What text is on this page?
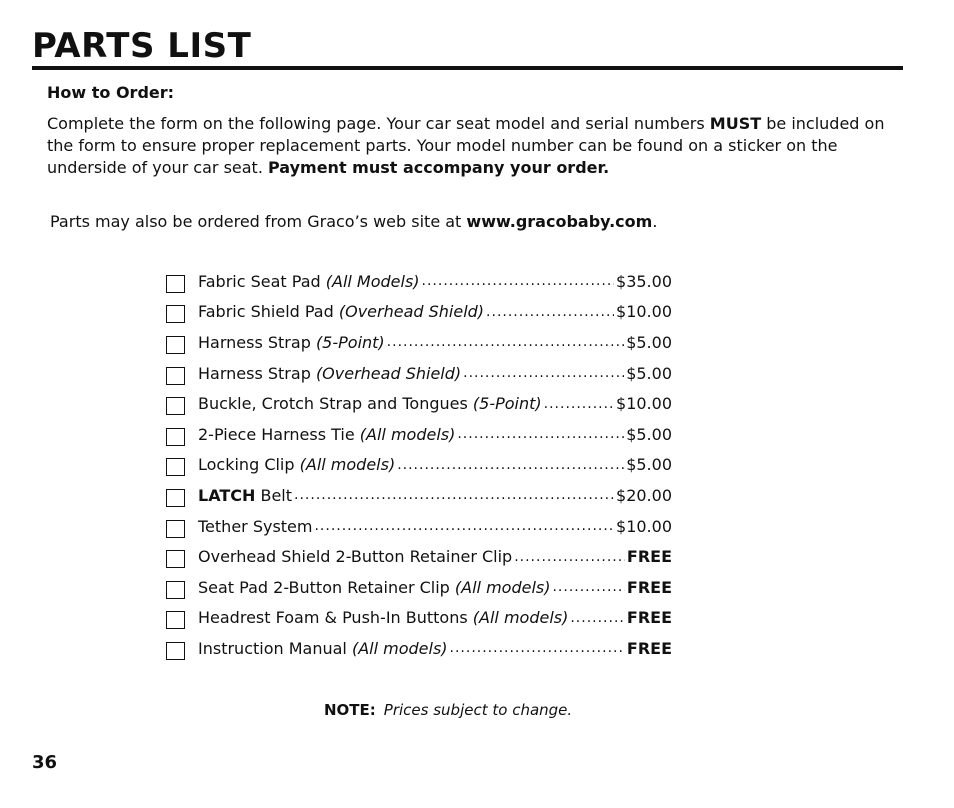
PARTS LIST
How to Order:
Complete the form on the following page. Your car seat model and serial numbers MUST be included on the form to ensure proper replacement parts. Your model number can be found on a sticker on the underside of your car seat. Payment must accompany your order.
Parts may also be ordered from Graco’s web site at www.gracobaby.com.
Fabric Seat Pad (All Models) .....	$35.00
Fabric Shield Pad (Overhead Shield) .....	$10.00
Harness Strap (5-Point) .....	$5.00
Harness Strap (Overhead Shield) .....	$5.00
Buckle, Crotch Strap and Tongues (5-Point) .....	$10.00
2-Piece Harness Tie (All models) .....	$5.00
Locking Clip (All models) .....	$5.00
LATCH Belt .....	$20.00
Tether System .....	$10.00
Overhead Shield 2-Button Retainer Clip .....	FREE
Seat Pad 2-Button Retainer Clip (All models) .....	FREE
Headrest Foam & Push-In Buttons (All models) .....	FREE
Instruction Manual (All models) .....	FREE
NOTE: Prices subject to change.
36
